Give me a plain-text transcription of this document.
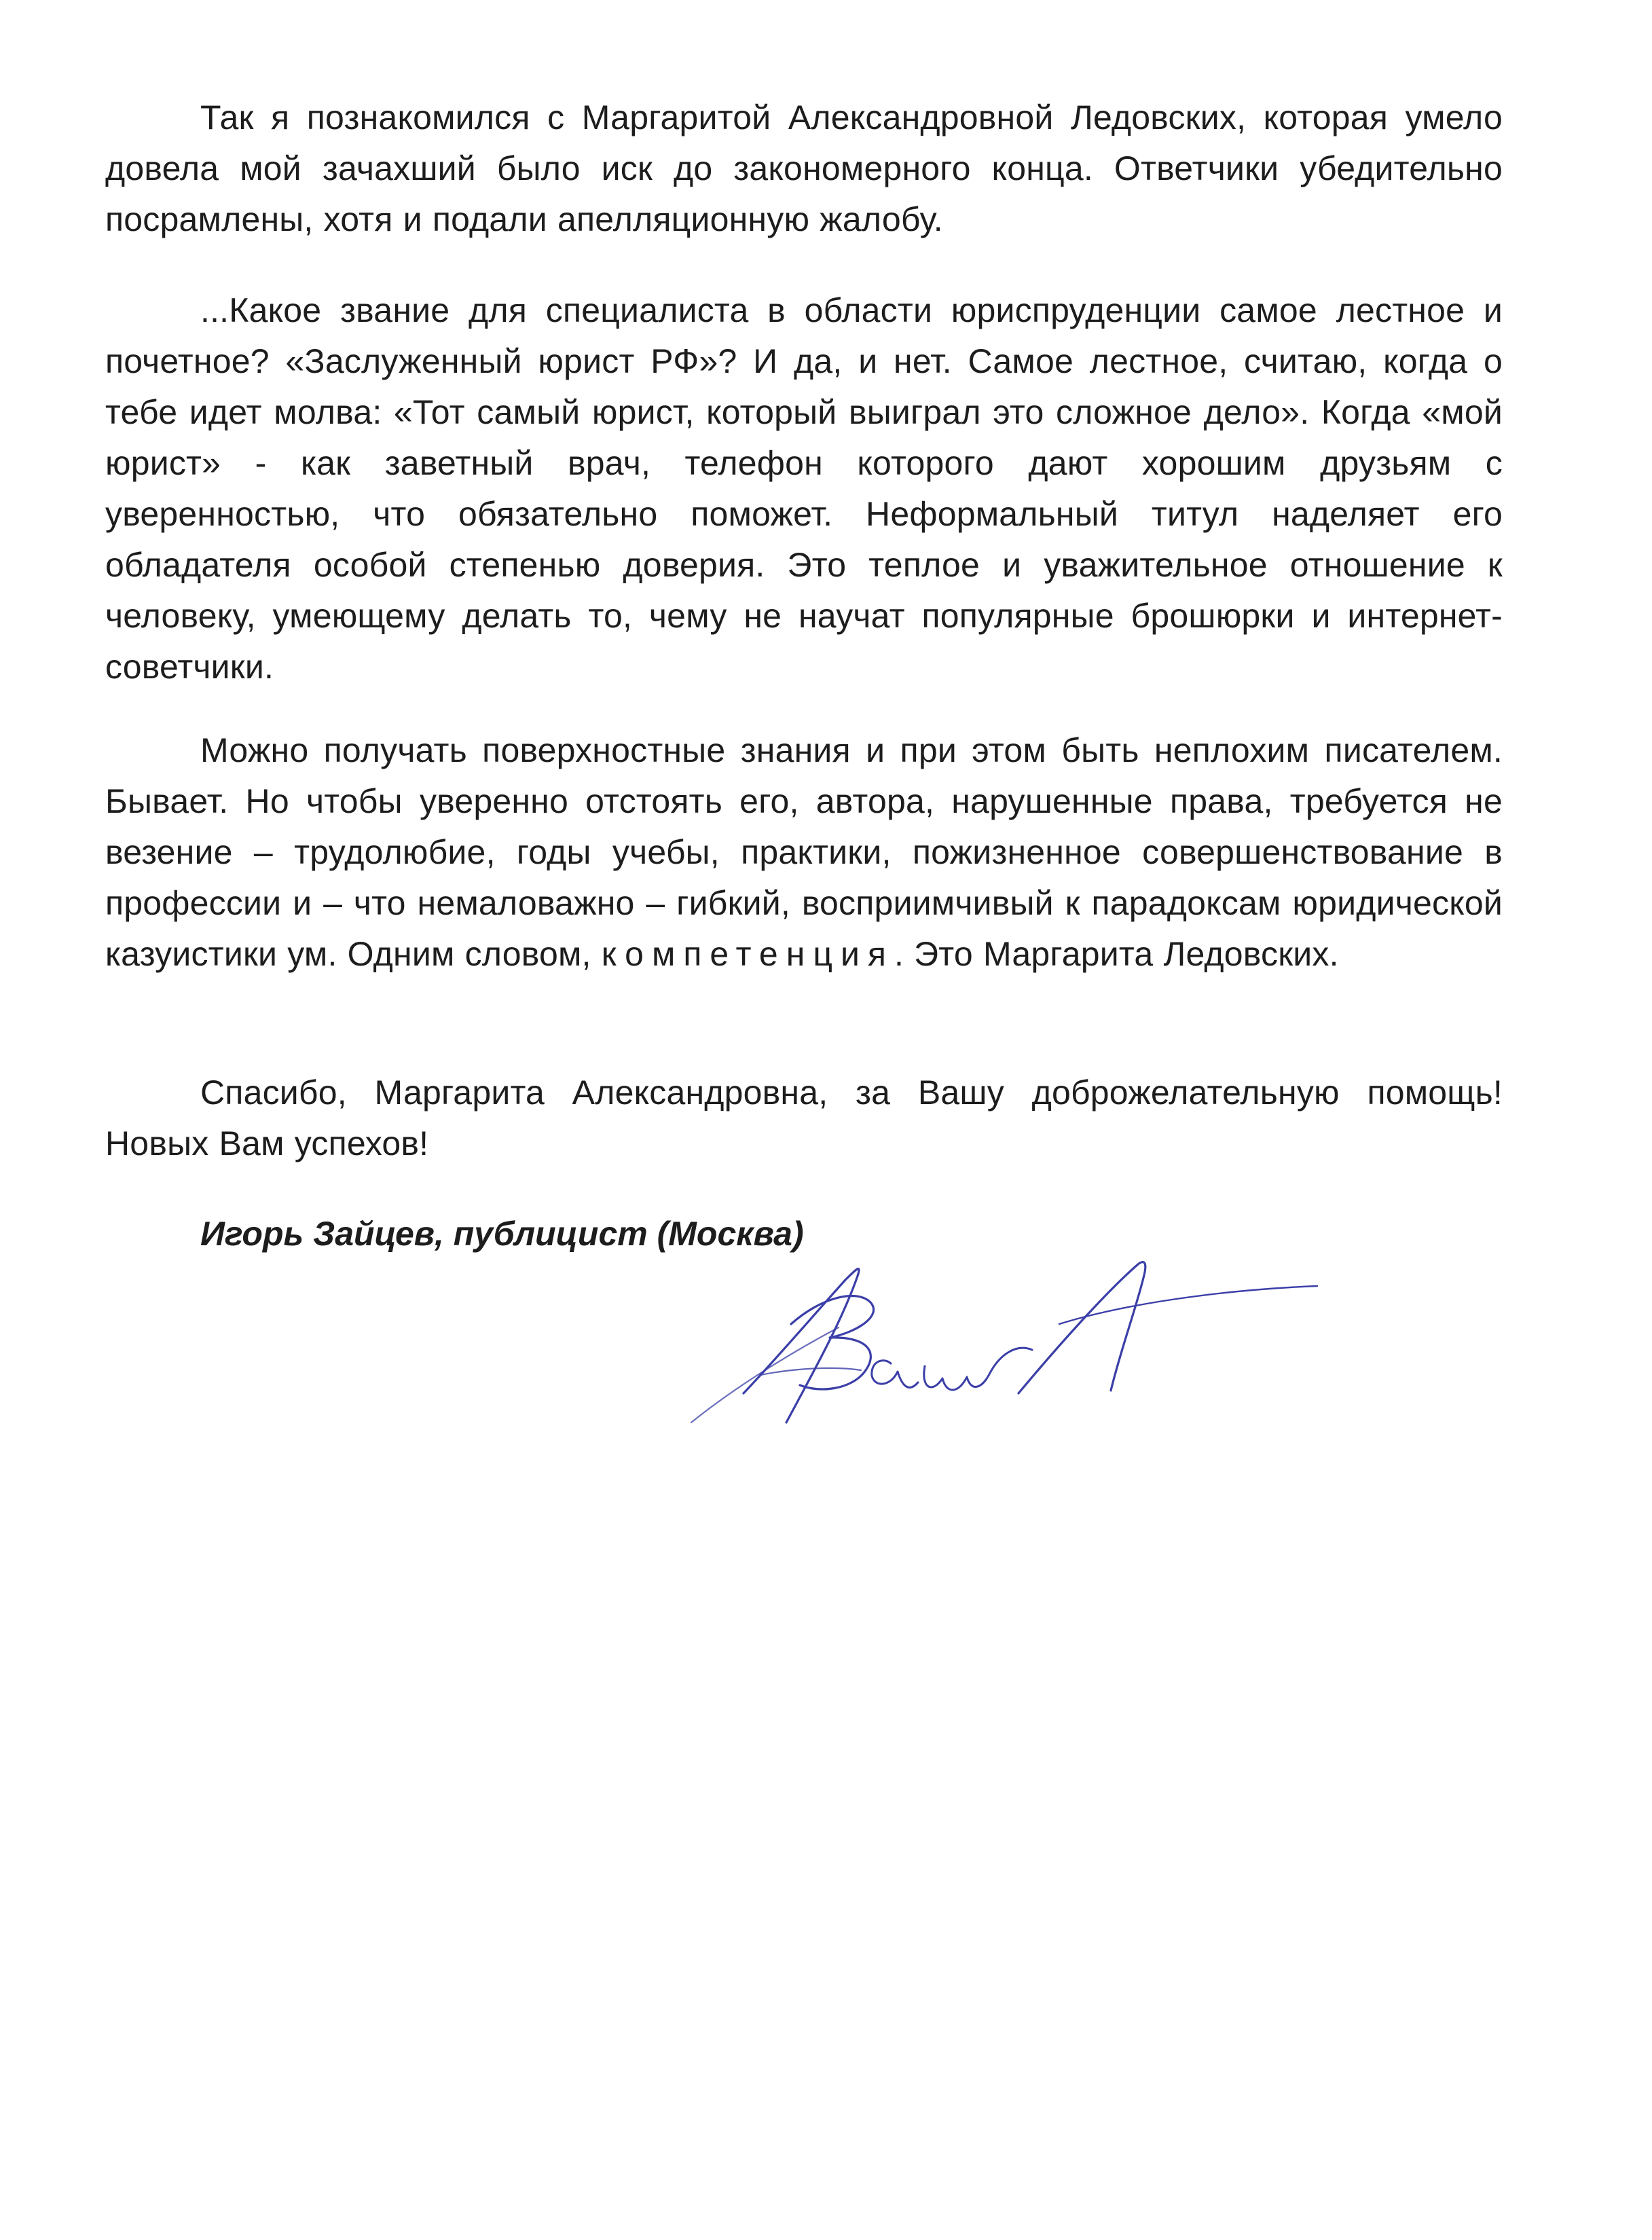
Так я познакомился с Маргаритой Александровной Ледовских, которая умело довела мой зачахший было иск до закономерного конца. Ответчики убедительно посрамлены, хотя и подали апелляционную жалобу.

...Какое звание для специалиста в области юриспруденции самое лестное и почетное? «Заслуженный юрист РФ»? И да, и нет. Самое лестное, считаю, когда о тебе идет молва: «Тот самый юрист, который выиграл это сложное дело». Когда «мой юрист» - как заветный врач, телефон которого дают хорошим друзьям с уверенностью, что обязательно поможет. Неформальный титул наделяет его обладателя особой степенью доверия. Это теплое и уважительное отношение к человеку, умеющему делать то, чему не научат популярные брошюрки и интернет-советчики.

Можно получать поверхностные знания и при этом быть неплохим писателем. Бывает. Но чтобы уверенно отстоять его, автора, нарушенные права, требуется не везение – трудолюбие, годы учебы, практики, пожизненное совершенствование в профессии и – что немаловажно – гибкий, восприимчивый к парадоксам юридической казуистики ум. Одним словом, компетенция. Это Маргарита Ледовских.

Спасибо, Маргарита Александровна, за Вашу доброжелательную помощь! Новых Вам успехов!

Игорь Зайцев, публицист (Москва)
